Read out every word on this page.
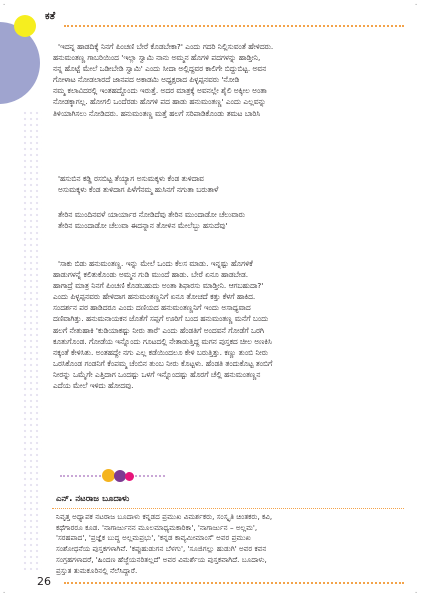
·	·
·	·
ಕತೆ
'ಇದನ್ನ ಹಾಡದಿಕ್ಕೆ ನಿನಗೆ ಪಿಂಚಣಿ ಬೇರೆ ಕೊಡಬೇಕಾ?' ಎಂದು ಗದರಿ ನಿಲ್ಲಿಸುವಂತೆ ಹೇಳಿದರು.
ಹನುಮಂತಣ್ಣ ಗಾಬರಿಯಿಂದ 'ಇಲ್ಲಾ ಸ್ವಾಮಿ ನಾನು ಅಮ್ಮನ ಹೊಗಳಿ ಪದಗಳನ್ನು ಹಾಡ್ತೀನಿ,
ನನ್ನ ಹೊಟ್ಟೆ ಮೇಲೆ ಒಡೀಬೇಡಿ ಸ್ವಾಮಿ' ಎಂದು ಸೀದಾ ಅಲ್ಲಿದ್ದವರ ಕಾಲಿಗೇ ಬಿದ್ದುಬಿಟ್ಟ. ಅವನ
ಗೋಳಾಟ ನೋಡಲಾರದೆ ಜಾನಪದ ಅಕಾಡಮಿ ಅಧ್ಯಕ್ಷರಾದ ಪಿಳ್ಳಪ್ಪನವರು 'ನೋಡಿ
ನಮ್ಮ ಕಲಾವಿದರಲ್ಲಿ ಇಂತಹದ್ದೊಂದು ಇರುತ್ತೆ. ಅದರ ಮಾತ್ರಕ್ಕೆ ಅವನಲ್ಲೇ ಶೈಲಿ ಅಕ್ಕೀಲ ಅಂತಾ
ನೋಡಕ್ಕಾಗಲ್ಲ. ಹೋಗಲಿ ಒಂದೆರಡು ಹೊಗಳಿ ಪದ ಹಾಡು ಹನುಮಂತಣ್ಣ' ಎಂದು ಎಲ್ಲವನ್ನು
ತಿಳಿಯಾಗಿಸಲು ನೋಡಿದರು. ಹನುಮಂತಣ್ಣ ಮತ್ತೆ ಹಲಗೆ ಸರಿಪಾಡಿಕೊಂಡು ತಮಟ ಬಾರಿಸಿ
'ಹಸುಬಿನ ಕಡ್ಡಿ ರಸಬಿಟ್ಟ ತೆಯ್ಯಾಗ ಅಸುಮಕ್ಕಳು ಕೆಂಡ ತುಳಿದಾವ
ಅಸುಮಕ್ಕಳು ಕೆಂಡ ತುಳಿದಾಗ ಪಿಳೆಗೆನಮ್ಮ ಹುಸಿನಗೆ ನಗುತಾ ಬರುತಾಳೆ
ತೇರಿನ ಮುಂದಿನವಳೆ ಯಾರ್ಯಾರ ನೋಡಿದೆವು ತೇರಿನ ಮುಂದಾಡೋ ಚೆಲುವಾರು
ತೇರಿನ ಮುಂದಾಡೋ ಚೆಲುವಾ ಈದನ್ನಾನ ತೋಳಿನ ಮೇಲೆಬ್ಬು ಹಸುದೆವು'
'ಸಾಕು ಬಿಡು ಹನುಮಂತಣ್ಣ. ಇನ್ನು ಮೇಲೆ ಒಂದು ಕೆಲಸ ಮಾಡು. ಇನ್ನಷ್ಟು ಹೊಗಳಿಕೆ
ಹಾಡುಗಳನ್ನೆ ಕಲಿತುಕೊಂಡು ಅಮ್ಮನ ಗುಡಿ ಮುಂದೆ ಹಾಡು. ಬೇರೆ ಏನೂ ಹಾಡಬೇಡ.
ಹಾಗಾದ್ರೆ ಮಾತ್ರ ನಿನಗೆ ಪಿಂಚಣಿ ಕೊಡಬಹುದು ಅಂತಾ ಶಿಫಾರಸು ಮಾಡ್ತೀನಿ. ಆಗಬಹುದಾ?'
ಎಂದು ಪಿಳ್ಳಪ್ಪನವರು ಹೇಳಿದಾಗ ಹನುಮಂತಣ್ಣನಿಗೆ ಏನೂ ತೋಚದೆ ಕತ್ತು ಕೆಳಗೆ ಹಾಕಿದ.
ಸಂದರ್ಶನ ಪರ ಹಾಡಿದರೂ ಎಂದು ದಣಿಯದ ಹನುಮಂತಣ್ಣನಿಗೆ ಇಂದು ಅಸಾಧ್ಯವಾದ
ದಣಿವಾಗಿತ್ತು. ಹನುಮನಾಯಕನ ಜೊತೆಗೆ ಸಪ್ಪಗೆ ಊರಿಗೆ ಬಂದ ಹನುಮಂತಣ್ಣ ಮನೆಗೆ ಬಂದು
ಹಲಗೆ ನೇತುಹಾಕಿ 'ಕುಡಿಯಾಕಷ್ಟು ನೀರು ತಾರೆ' ಎಂದು ಹೆಂಡತಿಗೆ ಅಂದವನೆ ಗೋಡೆಗೆ ಒರಗಿ
ಕೂತುಗೊಂಡ. ಗೋಡೆಯ ಇನ್ನೊಂದು ಗೂಟದಲ್ಲಿ ನೇತಾಡುತ್ತಿದ್ದ ಮಗನ ಪುಸ್ತಕದ ಚೀಲ ಅಣಕಿಸಿ
ನಕ್ಕಂತೆ ಕೇಳಿಸಿತು. ಅಂತಹದ್ದೇ ನಗು ಎಲ್ಲ ಕಡೆಯಿಂದಲೂ ಕೇಳಿ ಬರುತ್ತಿತ್ತು. ಕಣ್ಣು ತುಂಬಿ ನೀರು
ಒರಸಿಕೊಂಡ ಗಂಡನಿಗೆ ಕೆಂಪಮ್ಮ ಚೆಂಬಿನ ತುಂಬ ನೀರು ಕೊಟ್ಟಳು. ಹೆಂಡತಿ ತಂದುಕೊಟ್ಟ ತಂಬಿಗೆ
ನೀರನ್ನು ಒಮ್ಮೆಗೇ ಎತ್ತಿದಾಗ ಒಂದಷ್ಟು ಒಳಗೆ ಇನ್ನೊಂದಷ್ಟು ಹೊರಗೆ ಚೆಲ್ಲಿ ಹನುಮಂತಣ್ಣನ
ಎದೆಯ ಮೇಲೆ ಇಳಿದು ಹೋದವು.
ಎನ್. ನಟರಾಜ ಬೂದಾಳು
ನಿವೃತ್ತ ಅಧ್ಯಾಪಕ ನಟರಾಜ ಬೂದಾಳು ಕನ್ನಡದ ಪ್ರಮುಖ ವಿಮರ್ಶಕರು, ಸಂಸ್ಕೃತಿ ಚಿಂತಕರು, ಕವಿ,
ಕಥೆಗಾರರೂ ಕೂಡ. 'ನಾಗಾರ್ಜುನನ ಮೂಲಮಾಧ್ಯಮಕಾರಿಕಾ', 'ನಾಗಾರ್ಜುನ – ಅಲ್ಲಮ',
'ಸರಹಪಾದ', 'ಪ್ರಜ್ಞೆಕ ಬುದ್ಧ ಅಲ್ಲಮಪ್ರಭು', 'ಕನ್ನಡ ಕಾವ್ಯಮೀಮಾಂಸೆ' ಅವರ ಪ್ರಮುಖ
ಸಂಶೋಧನೆಯ ಪುಸ್ತಕಗಳಾಗಿವೆ. 'ಕಪ್ಪುಹುಡುಗನ ಬೆಳಗು', 'ಸೂಜಿಗಲ್ಲು ಹುಡುಗಿ' ಅವರ ಕವನ
ಸಂಗ್ರಹಗಳಾದರೆ, 'ಹಿಂದಣ ಹೆಜ್ಜೆಯನರಿತಲ್ಲದೆ' ಅವರ ವಿಮರ್ಶೆಯ ಪುಸ್ತಕವಾಗಿದೆ. ಬೂದಾಳು,
ಪ್ರಸ್ತುತ ತುಮಕೂರಿನಲ್ಲಿ ನೆಲೆಸಿದ್ದಾರೆ.
26
